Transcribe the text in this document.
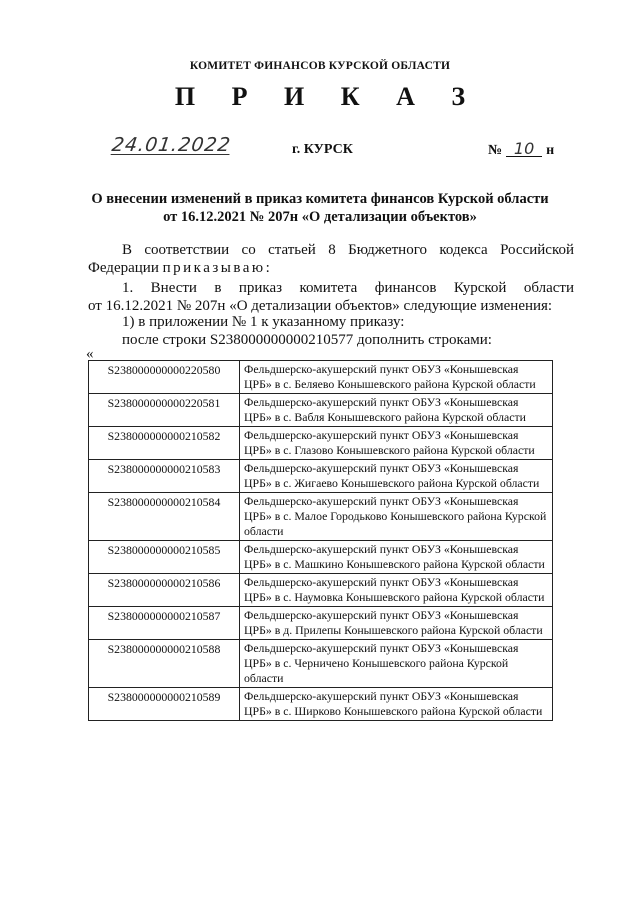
КОМИТЕТ ФИНАНСОВ КУРСКОЙ ОБЛАСТИ
П Р И К А З
24.01.2022	г. КУРСК	№ 10 н
О внесении изменений в приказ комитета финансов Курской области
от 16.12.2021 № 207н «О детализации объектов»
В соответствии со статьей 8 Бюджетного кодекса Российской
Федерации приказываю:
1. Внести в приказ комитета финансов Курской области
от 16.12.2021 № 207н «О детализации объектов» следующие изменения:
1) в приложении № 1 к указанному приказу:
после строки S238000000000210577 дополнить строками:
«
S238000000000220580	Фельдшерско-акушерский пункт ОБУЗ «Конышевская ЦРБ» в с. Беляево Конышевского района Курской области
S238000000000220581	Фельдшерско-акушерский пункт ОБУЗ «Конышевская ЦРБ» в с. Вабля Конышевского района Курской области
S238000000000210582	Фельдшерско-акушерский пункт ОБУЗ «Конышевская ЦРБ» в с. Глазово Конышевского района Курской области
S238000000000210583	Фельдшерско-акушерский пункт ОБУЗ «Конышевская ЦРБ» в с. Жигаево Конышевского района Курской области
S238000000000210584	Фельдшерско-акушерский пункт ОБУЗ «Конышевская ЦРБ» в с. Малое Городьково Конышевского района Курской области
S238000000000210585	Фельдшерско-акушерский пункт ОБУЗ «Конышевская ЦРБ» в с. Машкино Конышевского района Курской области
S238000000000210586	Фельдшерско-акушерский пункт ОБУЗ «Конышевская ЦРБ» в с. Наумовка Конышевского района Курской области
S238000000000210587	Фельдшерско-акушерский пункт ОБУЗ «Конышевская ЦРБ» в д. Прилепы Конышевского района Курской области
S238000000000210588	Фельдшерско-акушерский пункт ОБУЗ «Конышевская ЦРБ» в с. Черничено Конышевского района Курской области
S238000000000210589	Фельдшерско-акушерский пункт ОБУЗ «Конышевская ЦРБ» в с. Ширково Конышевского района Курской области
